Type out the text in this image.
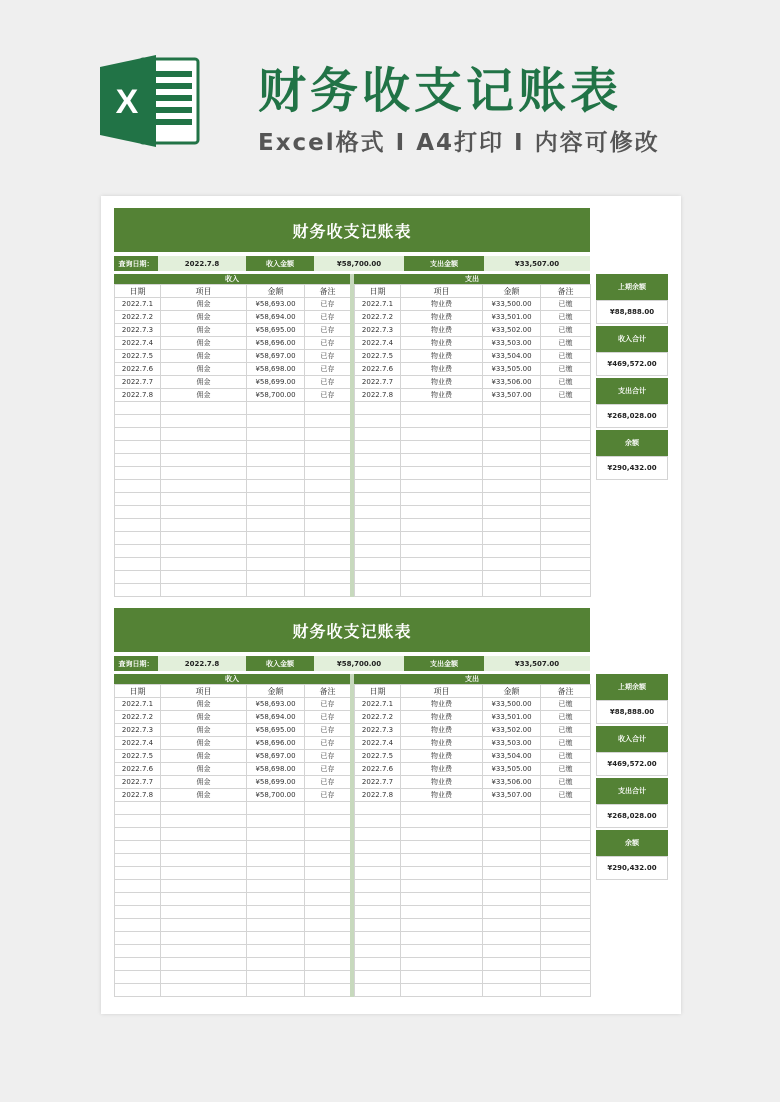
X 财务收支记账表
Excel格式 I A4打印 I 内容可修改
财务收支记账表
查询日期：	2022.7.8	收入金额	¥58,700.00	支出金额	¥33,507.00
收入
日期	项目	金额	备注
2022.7.1	佣金	¥58,693.00	已存
2022.7.2	佣金	¥58,694.00	已存
2022.7.3	佣金	¥58,695.00	已存
2022.7.4	佣金	¥58,696.00	已存
2022.7.5	佣金	¥58,697.00	已存
2022.7.6	佣金	¥58,698.00	已存
2022.7.7	佣金	¥58,699.00	已存
2022.7.8	佣金	¥58,700.00	已存

支出
日期	项目	金额	备注
2022.7.1	物业费	¥33,500.00	已缴
2022.7.2	物业费	¥33,501.00	已缴
2022.7.3	物业费	¥33,502.00	已缴
2022.7.4	物业费	¥33,503.00	已缴
2022.7.5	物业费	¥33,504.00	已缴
2022.7.6	物业费	¥33,505.00	已缴
2022.7.7	物业费	¥33,506.00	已缴
2022.7.8	物业费	¥33,507.00	已缴

上期余额
¥88,888.00
收入合计
¥469,572.00
支出合计
¥268,028.00
余额
¥290,432.00
财务收支记账表
查询日期：	2022.7.8	收入金额	¥58,700.00	支出金额	¥33,507.00
收入
日期	项目	金额	备注
2022.7.1	佣金	¥58,693.00	已存
2022.7.2	佣金	¥58,694.00	已存
2022.7.3	佣金	¥58,695.00	已存
2022.7.4	佣金	¥58,696.00	已存
2022.7.5	佣金	¥58,697.00	已存
2022.7.6	佣金	¥58,698.00	已存
2022.7.7	佣金	¥58,699.00	已存
2022.7.8	佣金	¥58,700.00	已存

支出
日期	项目	金额	备注
2022.7.1	物业费	¥33,500.00	已缴
2022.7.2	物业费	¥33,501.00	已缴
2022.7.3	物业费	¥33,502.00	已缴
2022.7.4	物业费	¥33,503.00	已缴
2022.7.5	物业费	¥33,504.00	已缴
2022.7.6	物业费	¥33,505.00	已缴
2022.7.7	物业费	¥33,506.00	已缴
2022.7.8	物业费	¥33,507.00	已缴

上期余额
¥88,888.00
收入合计
¥469,572.00
支出合计
¥268,028.00
余额
¥290,432.00
